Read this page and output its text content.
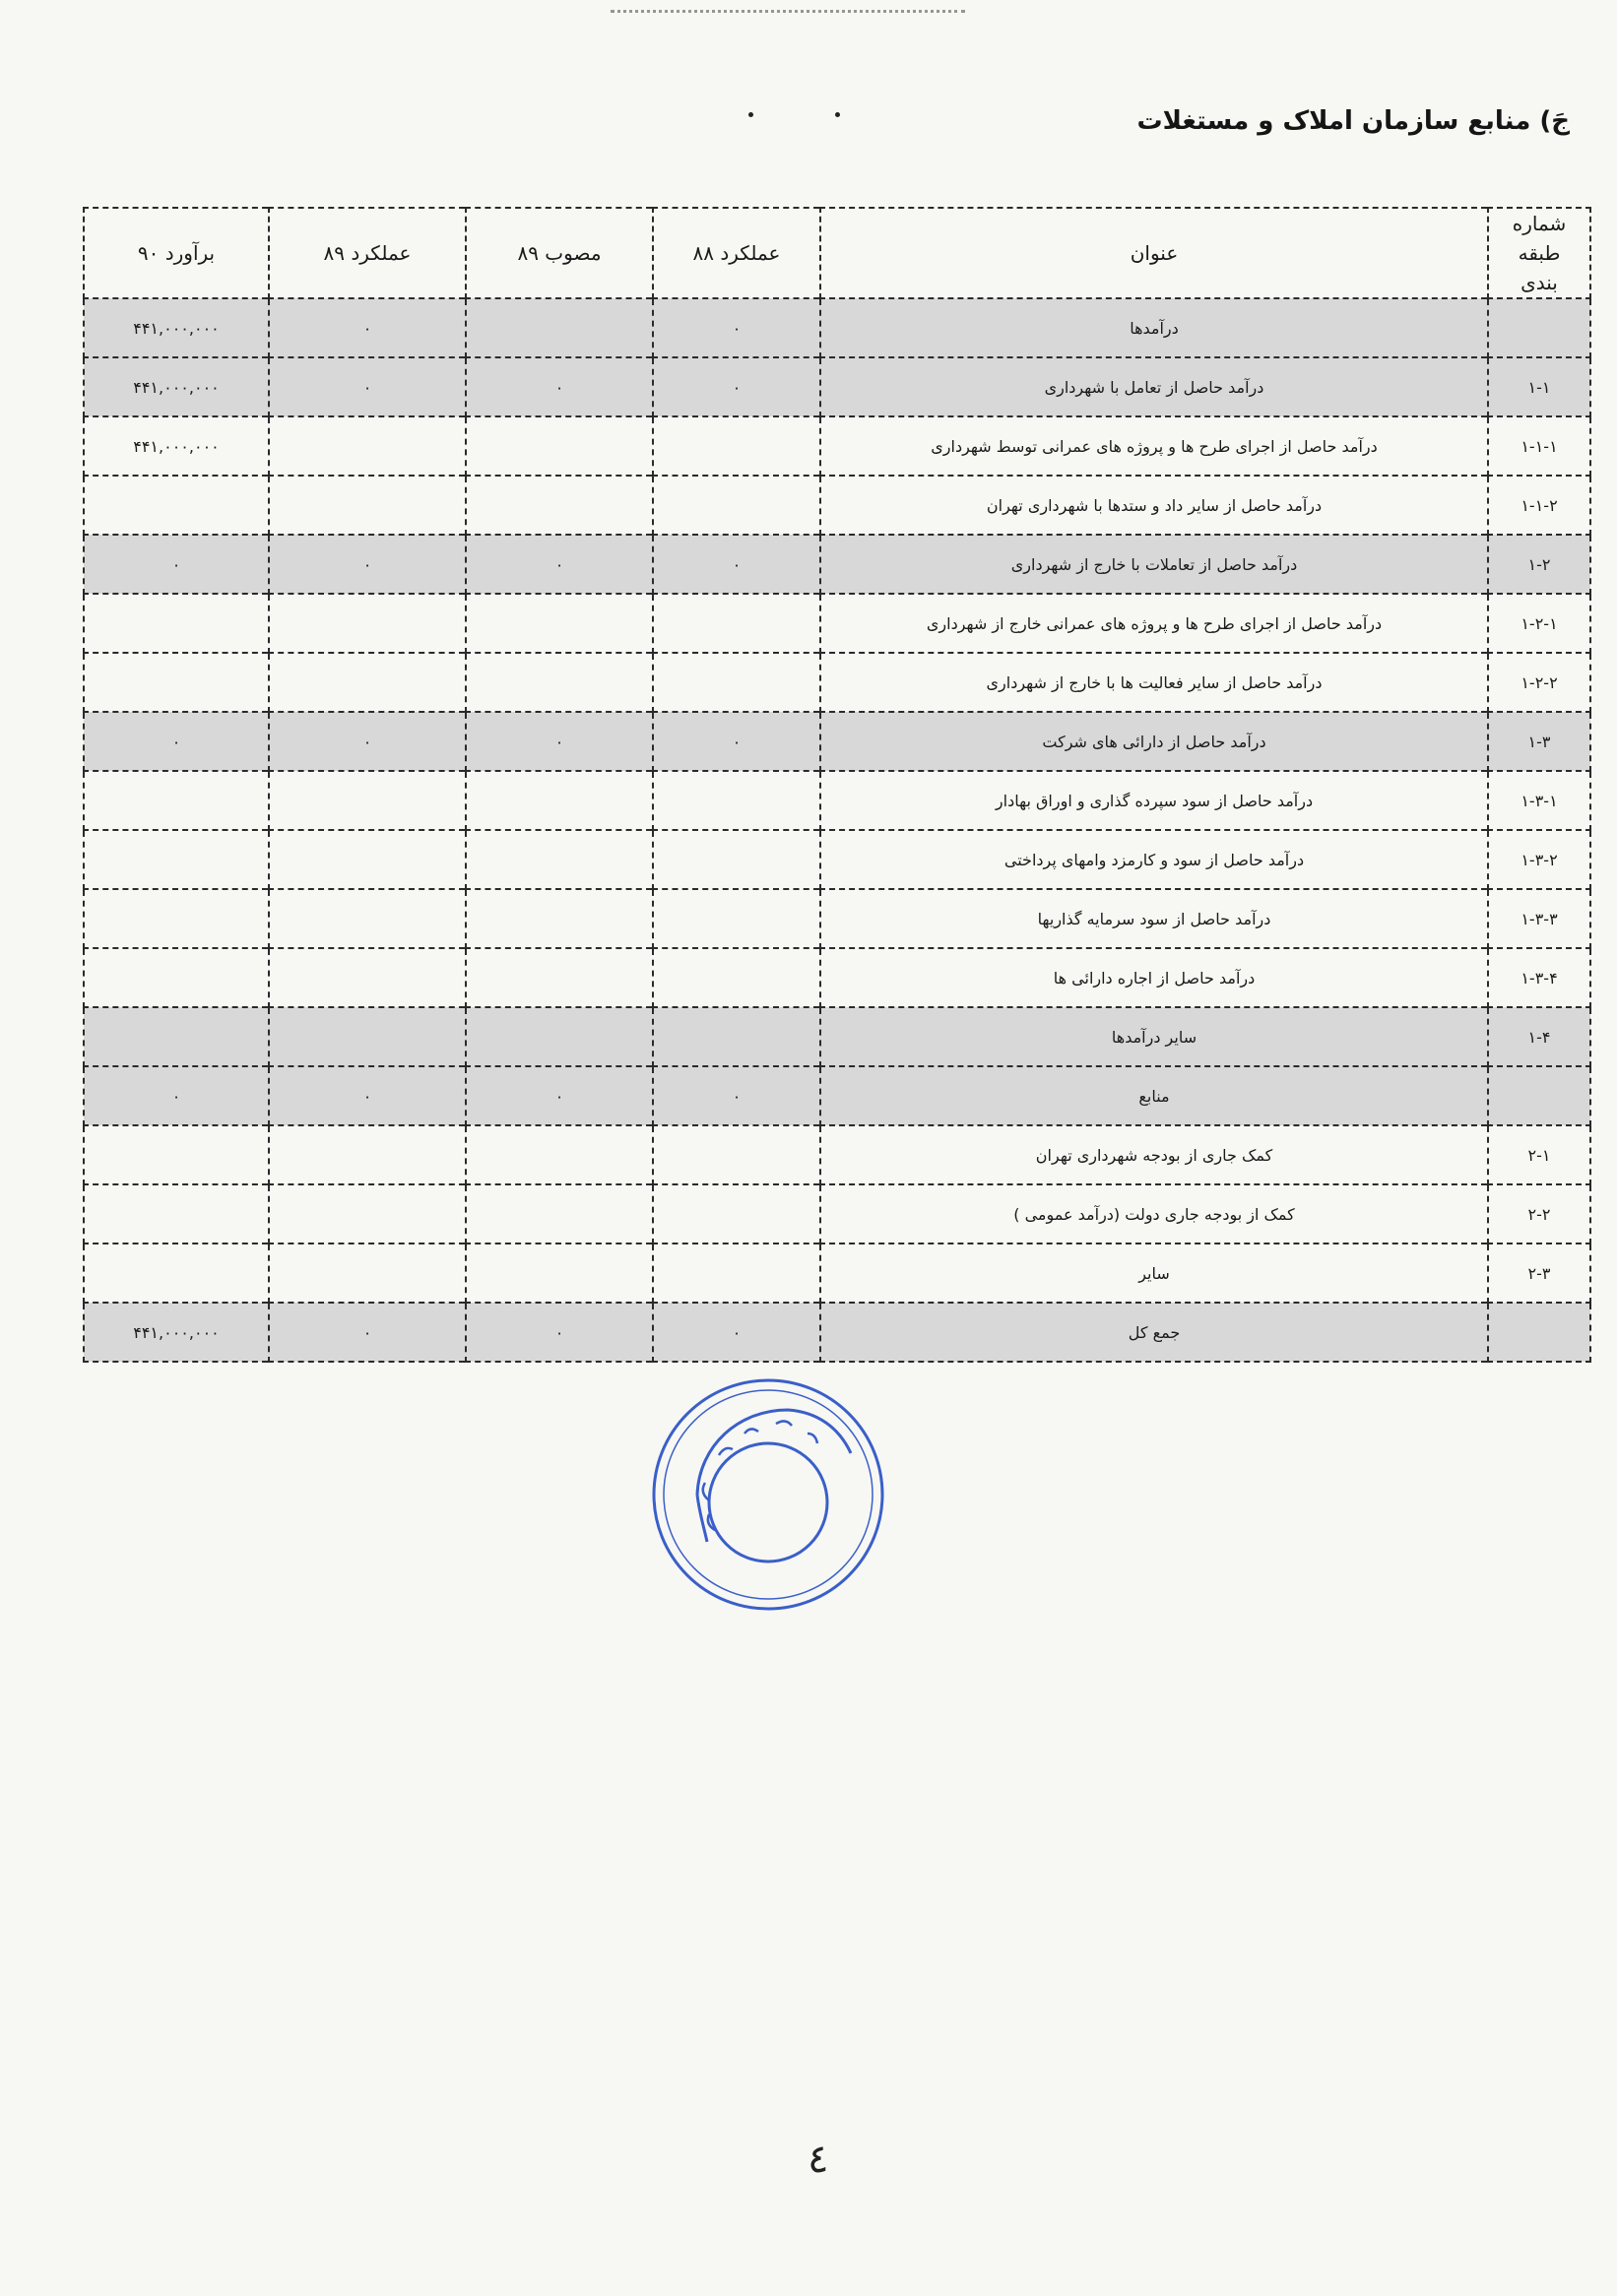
جَ) منابع سازمان املاک و مستغلات
شماره طبقه بندی	عنوان	عملکرد ۸۸	مصوب ۸۹	عملکرد ۸۹	برآورد ۹۰
	درآمدها	۰		۰	۴۴۱,۰۰۰,۰۰۰
۱-۱	درآمد حاصل از تعامل با شهرداری	۰	۰	۰	۴۴۱,۰۰۰,۰۰۰
۱-۱-۱	درآمد حاصل از اجرای طرح ها و پروژه های عمرانی توسط شهرداری				۴۴۱,۰۰۰,۰۰۰
۱-۱-۲	درآمد حاصل از سایر داد و ستدها با شهرداری تهران				
۱-۲	درآمد حاصل از تعاملات با خارج از شهرداری	۰	۰	۰	۰
۱-۲-۱	درآمد حاصل از اجرای طرح ها و پروژه های عمرانی خارج از شهرداری				
۱-۲-۲	درآمد حاصل از سایر فعالیت ها با خارج از شهرداری				
۱-۳	درآمد حاصل از دارائی های شرکت	۰	۰	۰	۰
۱-۳-۱	درآمد حاصل از سود سپرده گذاری و اوراق بهادار				
۱-۳-۲	درآمد حاصل از سود و کارمزد وامهای پرداختی				
۱-۳-۳	درآمد حاصل از سود سرمایه گذاریها				
۱-۳-۴	درآمد حاصل از اجاره دارائی ها				
۱-۴	سایر درآمدها				
	منابع	۰	۰	۰	۰
۲-۱	کمک جاری از بودجه شهرداری تهران				
۲-۲	کمک از بودجه جاری دولت (درآمد عمومی )				
۲-۳	سایر				
	جمع کل	۰	۰	۰	۴۴۱,۰۰۰,۰۰۰
٤
